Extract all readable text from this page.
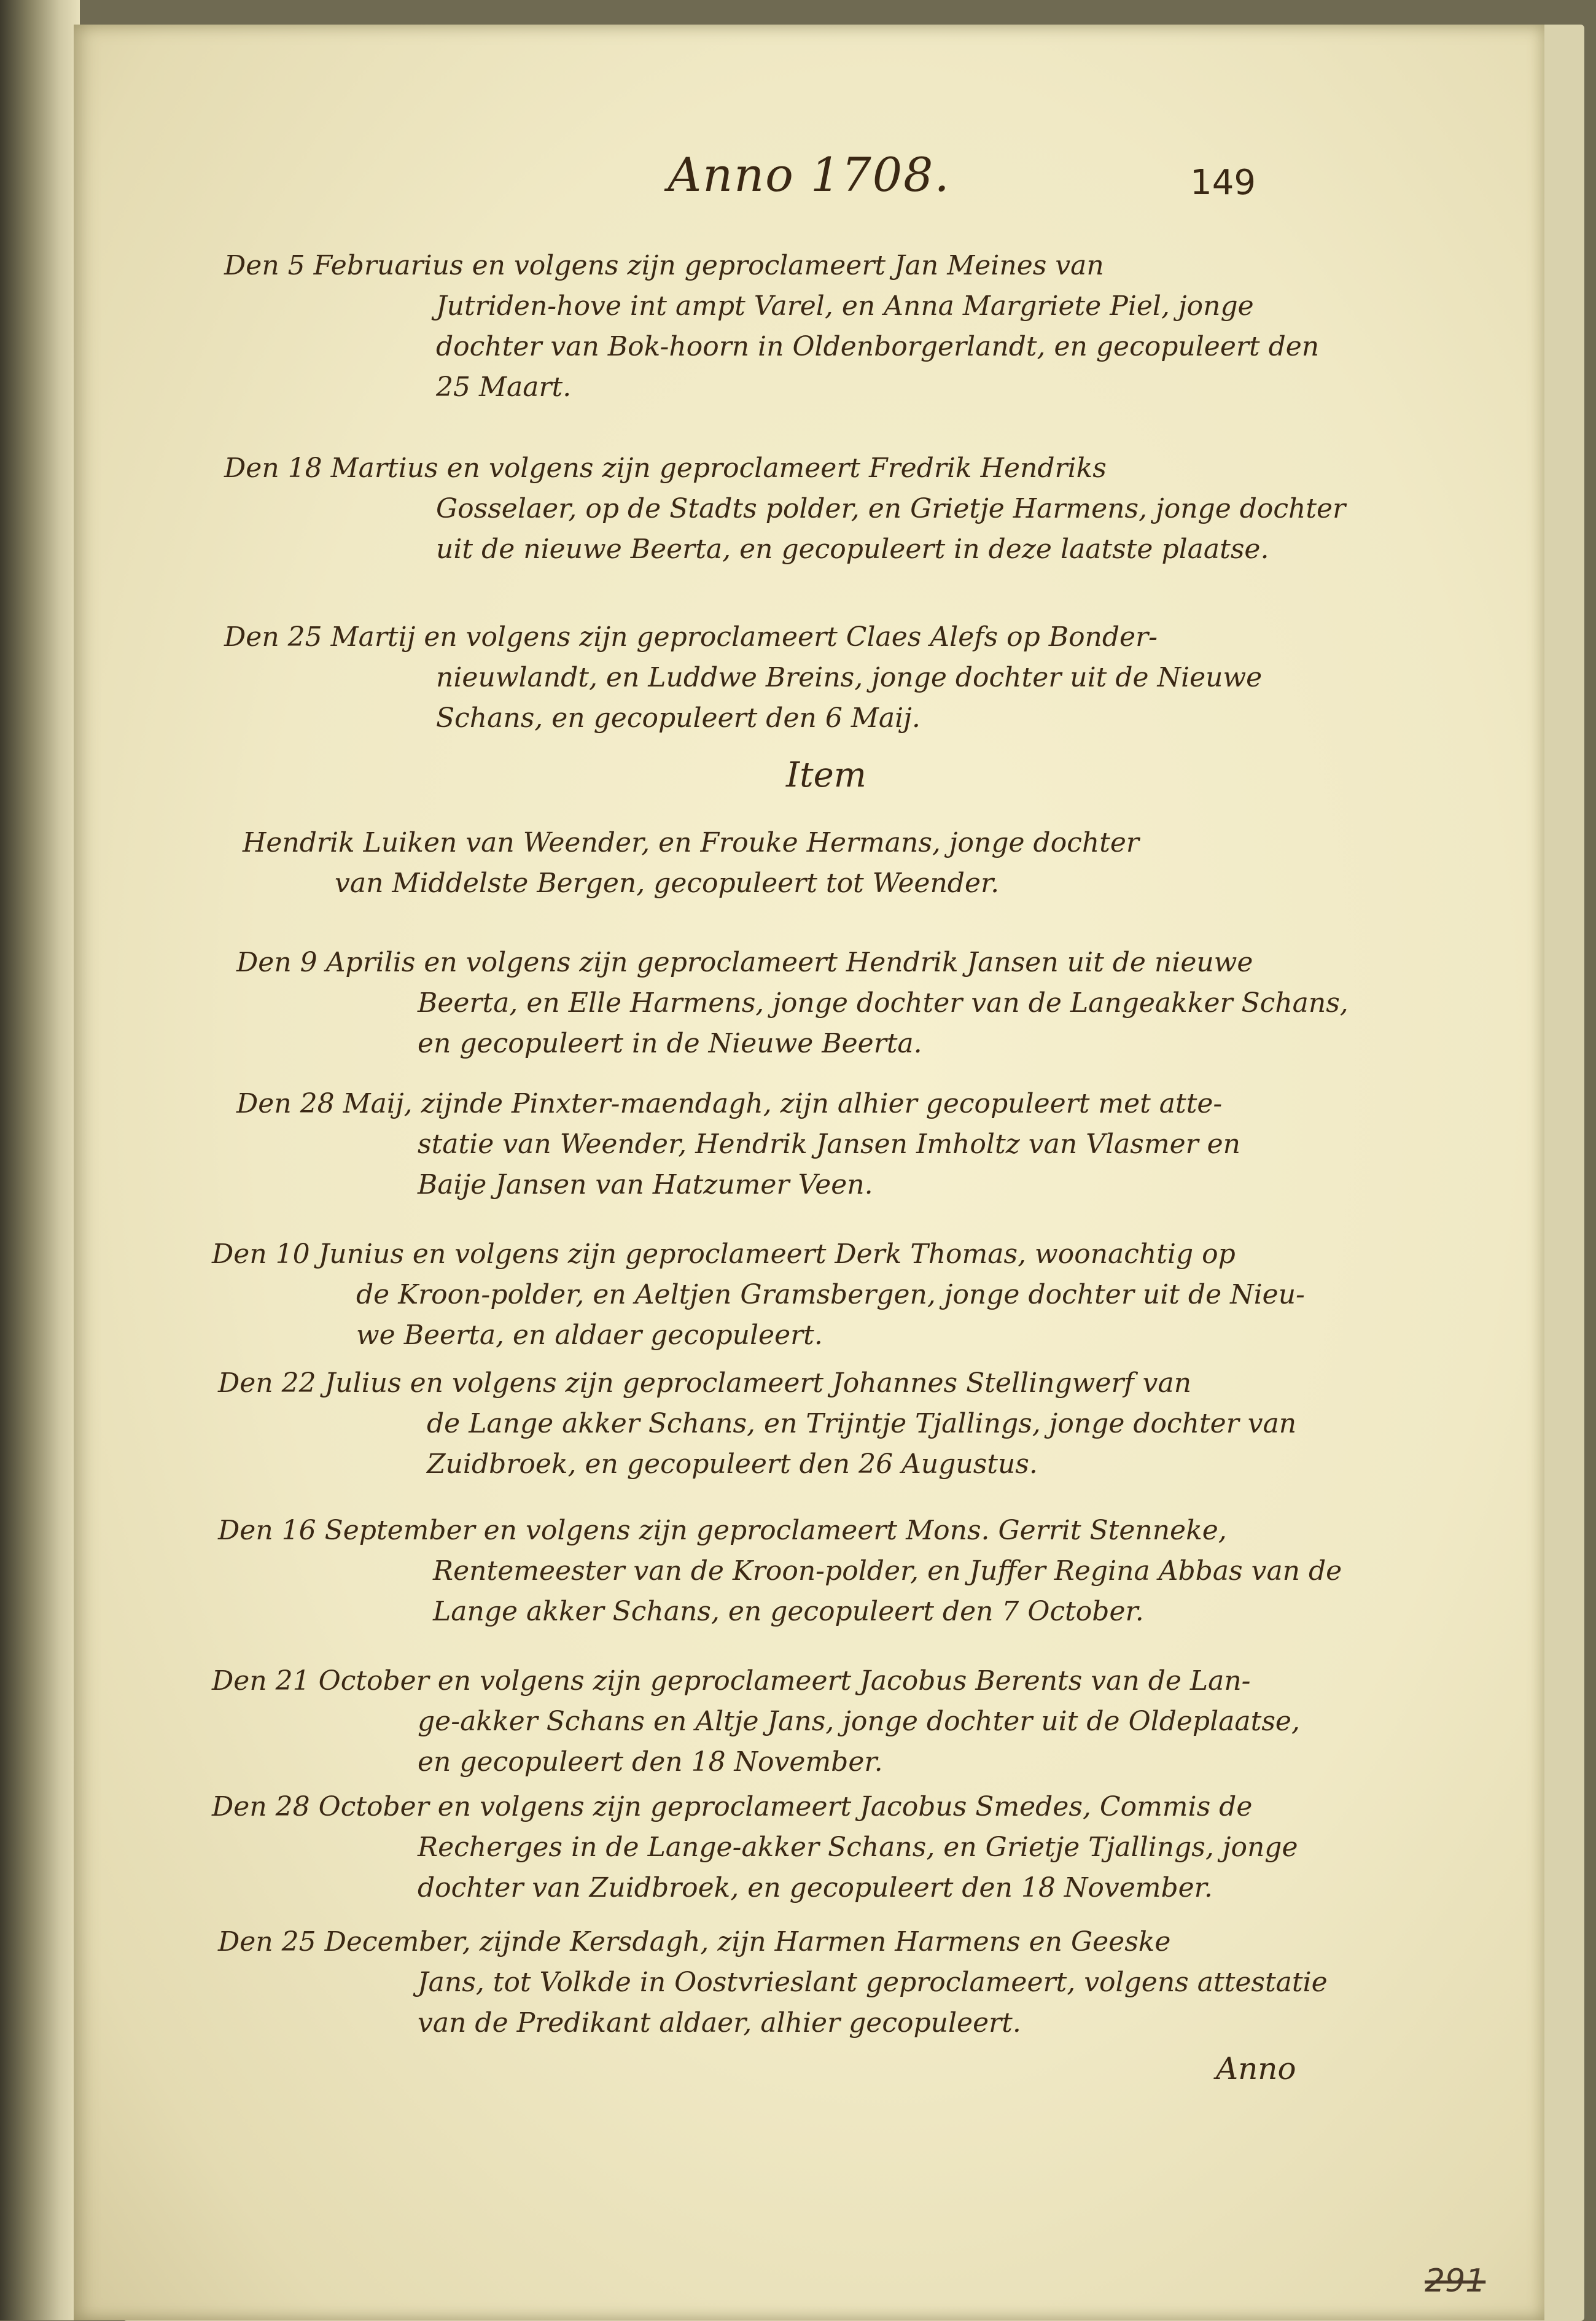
Anno 1708.	149

Den 5 Februarius en volgens zijn geproclameert Jan Meines van

Jutriden-hove int ampt Varel, en Anna Margriete Piel, jonge

dochter van Bok-hoorn in Oldenborgerlandt, en gecopuleert den

25 Maart.

Den 18 Martius en volgens zijn geproclameert Fredrik Hendriks

Gosselaer, op de Stadts polder, en Grietje Harmens, jonge dochter

uit de nieuwe Beerta, en gecopuleert in deze laatste plaatse.

Den 25 Martij en volgens zijn geproclameert Claes Alefs op Bonder-

nieuwlandt, en Luddwe Breins, jonge dochter uit de Nieuwe

Schans, en gecopuleert den 6 Maij.

Item

Hendrik Luiken van Weender, en Frouke Hermans, jonge dochter

van Middelste Bergen, gecopuleert tot Weender.

Den 9 Aprilis en volgens zijn geproclameert Hendrik Jansen uit de nieuwe

Beerta, en Elle Harmens, jonge dochter van de Langeakker Schans,

en gecopuleert in de Nieuwe Beerta.

Den 28 Maij, zijnde Pinxter-maendagh, zijn alhier gecopuleert met atte-

statie van Weender, Hendrik Jansen Imholtz van Vlasmer en

Baije Jansen van Hatzumer Veen.

Den 10 Junius en volgens zijn geproclameert Derk Thomas, woonachtig op

de Kroon-polder, en Aeltjen Gramsbergen, jonge dochter uit de Nieu-

we Beerta, en aldaer gecopuleert.

Den 22 Julius en volgens zijn geproclameert Johannes Stellingwerf van

de Lange akker Schans, en Trijntje Tjallings, jonge dochter van

Zuidbroek, en gecopuleert den 26 Augustus.

Den 16 September en volgens zijn geproclameert Mons. Gerrit Stenneke,

Rentemeester van de Kroon-polder, en Juffer Regina Abbas van de

Lange akker Schans, en gecopuleert den 7 October.

Den 21 October en volgens zijn geproclameert Jacobus Berents van de Lan-

ge-akker Schans en Altje Jans, jonge dochter uit de Oldeplaatse,

en gecopuleert den 18 November.

Den 28 October en volgens zijn geproclameert Jacobus Smedes, Commis de

Recherges in de Lange-akker Schans, en Grietje Tjallings, jonge

dochter van Zuidbroek, en gecopuleert den 18 November.

Den 25 December, zijnde Kersdagh, zijn Harmen Harmens en Geeske

Jans, tot Volkde in Oostvrieslant geproclameert, volgens attestatie

van de Predikant aldaer, alhier gecopuleert.

Anno
291
